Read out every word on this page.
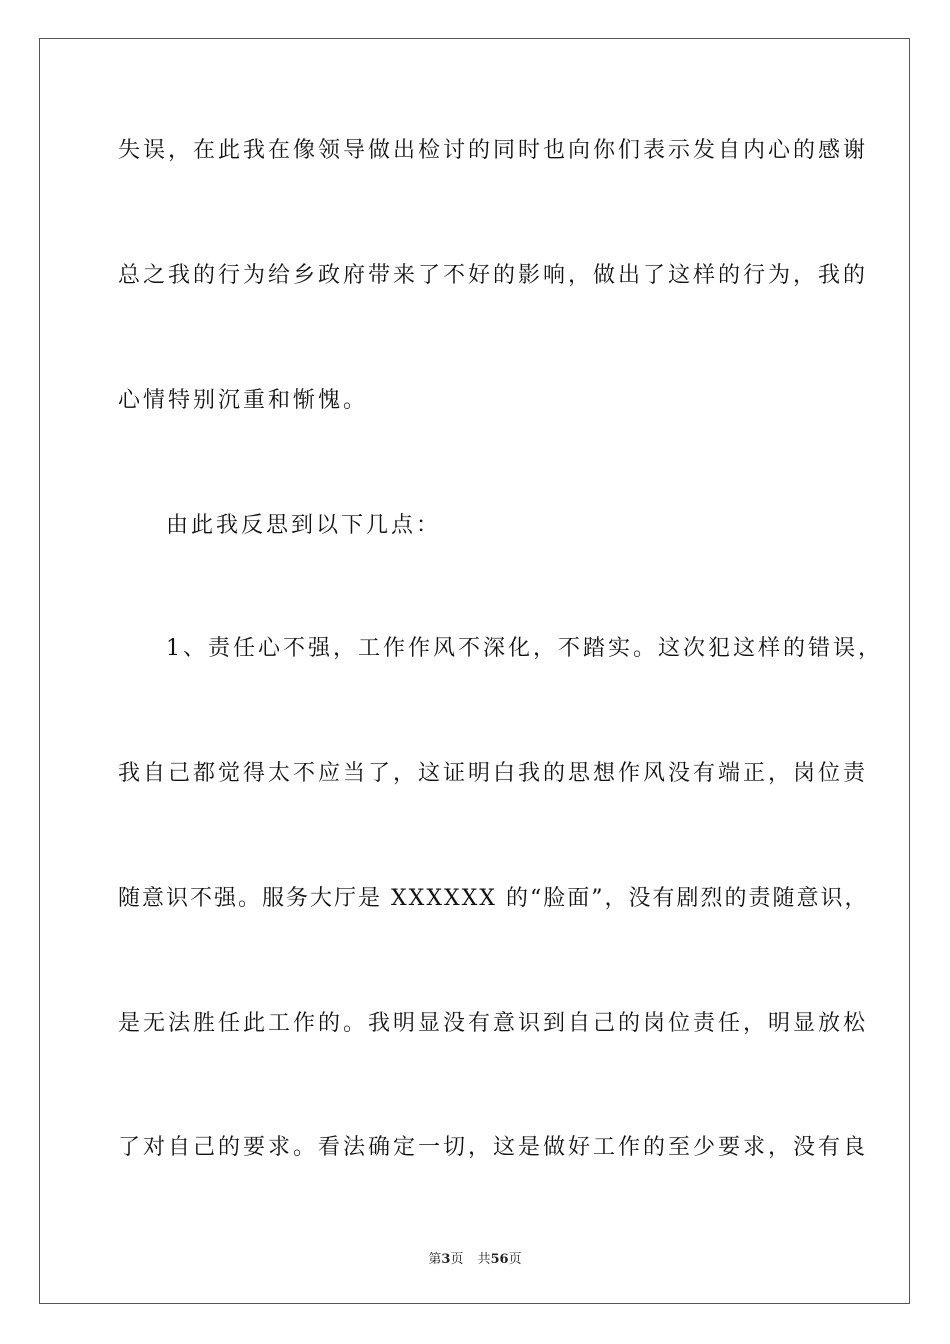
失误，在此我在像领导做出检讨的同时也向你们表示发自内心的感谢
总之我的行为给乡政府带来了不好的影响，做出了这样的行为，我的
心情特别沉重和惭愧。
由此我反思到以下几点：
1、责任心不强，工作作风不深化，不踏实。这次犯这样的错误，
我自己都觉得太不应当了，这证明白我的思想作风没有端正，岗位责
随意识不强。服务大厅是 XXXXXX 的“脸面”，没有剧烈的责随意识，
是无法胜任此工作的。我明显没有意识到自己的岗位责任，明显放松
了对自己的要求。看法确定一切，这是做好工作的至少要求，没有良
第3页 共56页
